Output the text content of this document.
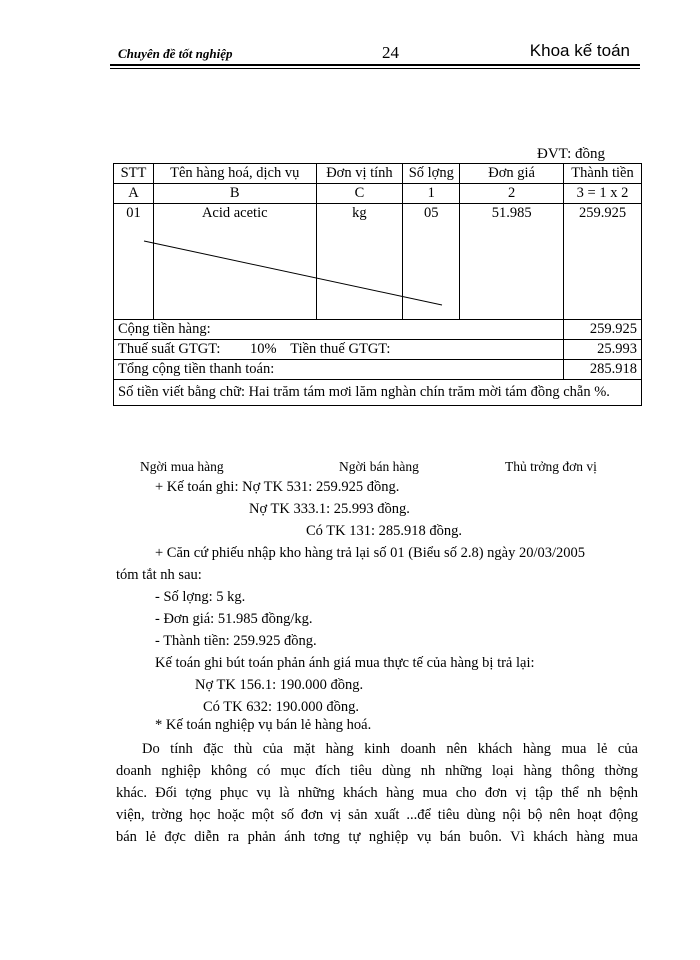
Chuyên đề tốt nghiệp	24	Khoa kế toán
ĐVT: đồng
STT	Tên hàng hoá, dịch vụ	Đơn vị tính	Số lợng	Đơn giá	Thành tiền
A	B	C	1	2	3 = 1 x 2
01	Acid acetic	kg	05	51.985	259.925
Cộng tiền hàng:					259.925
Thuế suất GTGT: 10% Tiền thuế GTGT:					25.993
Tổng cộng tiền thanh toán:					285.918
Số tiền viết bằng chữ: Hai trăm tám mơi lăm nghàn chín trăm mời tám đồng chẵn %.					
Ngời mua hàng	Ngời bán hàng	Thủ trởng đơn vị
+ Kế toán ghi: Nợ TK 531: 259.925 đồng.
Nợ TK 333.1: 25.993 đồng.
Có TK 131: 285.918 đồng.
+ Căn cứ phiếu nhập kho hàng trả lại số 01 (Biểu số 2.8) ngày 20/03/2005
tóm tắt nh sau:
- Số lợng: 5 kg.
- Đơn giá: 51.985 đồng/kg.
- Thành tiền: 259.925 đồng.
Kế toán ghi bút toán phản ánh giá mua thực tế của hàng bị trả lại:
Nợ TK 156.1: 190.000 đồng.
Có TK 632: 190.000 đồng.
* Kế toán nghiệp vụ bán lẻ hàng hoá.
Do tính đặc thù của mặt hàng kinh doanh nên khách hàng mua lẻ của
doanh nghiệp không có mục đích tiêu dùng nh những loại hàng thông thờng
khác. Đối tợng phục vụ là những khách hàng mua cho đơn vị tập thể nh bệnh
viện, trờng học hoặc một số đơn vị sản xuất ...để tiêu dùng nội bộ nên hoạt động
bán lẻ đợc diễn ra phản ánh tơng tự nghiệp vụ bán buôn. Vì khách hàng mua
